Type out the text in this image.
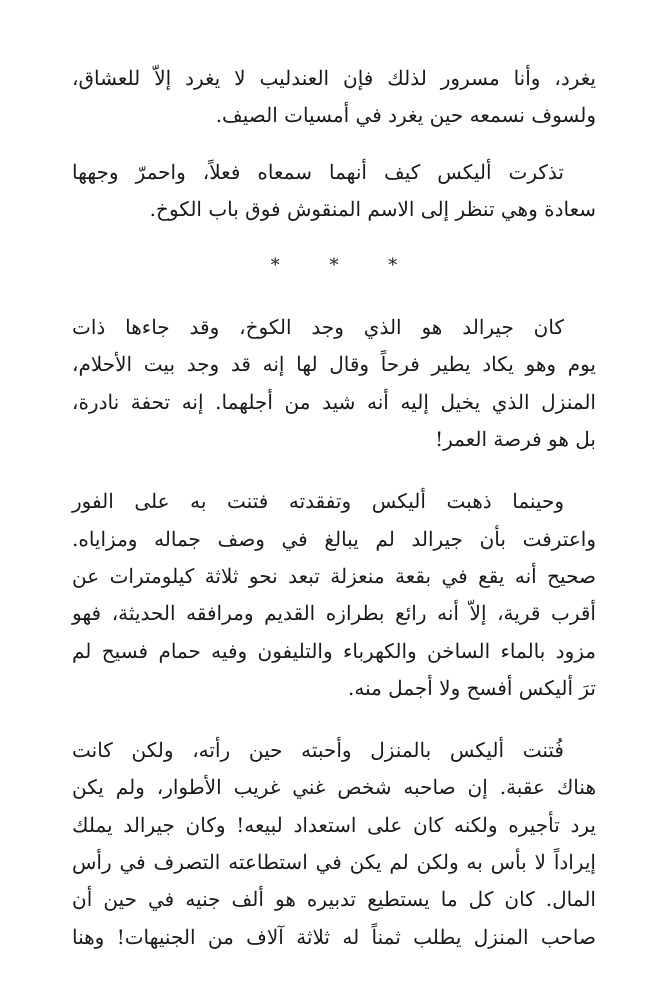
يغرد، وأنا مسرور لذلك فإن العندليب لا يغرد إلاّ للعشاق،
ولسوف نسمعه حين يغرد في أمسيات الصيف.

تذكرت أليكس كيف أنهما سمعاه فعلاً، واحمرّ وجهها
سعادة وهي تنظر إلى الاسم المنقوش فوق باب الكوخ.

* * *

كان جيرالد هو الذي وجد الكوخ، وقد جاءها ذات
يوم وهو يكاد يطير فرحاً وقال لها إنه قد وجد بيت الأحلام،
المنزل الذي يخيل إليه أنه شيد من أجلهما. إنه تحفة نادرة،
بل هو فرصة العمر!

وحينما ذهبت أليكس وتفقدته فتنت به على الفور
واعترفت بأن جيرالد لم يبالغ في وصف جماله ومزاياه.
صحيح أنه يقع في بقعة منعزلة تبعد نحو ثلاثة كيلومترات عن
أقرب قرية، إلاّ أنه رائع بطرازه القديم ومرافقه الحديثة، فهو
مزود بالماء الساخن والكهرباء والتليفون وفيه حمام فسيح لم
ترَ أليكس أفسح ولا أجمل منه.

فُتنت أليكس بالمنزل وأحبته حين رأته، ولكن كانت
هناك عقبة. إن صاحبه شخص غني غريب الأطوار، ولم يكن
يرد تأجيره ولكنه كان على استعداد لبيعه! وكان جيرالد يملك
إيراداً لا بأس به ولكن لم يكن في استطاعته التصرف في رأس
المال. كان كل ما يستطيع تدبيره هو ألف جنيه في حين أن
صاحب المنزل يطلب ثمناً له ثلاثة آلاف من الجنيهات! وهنا
